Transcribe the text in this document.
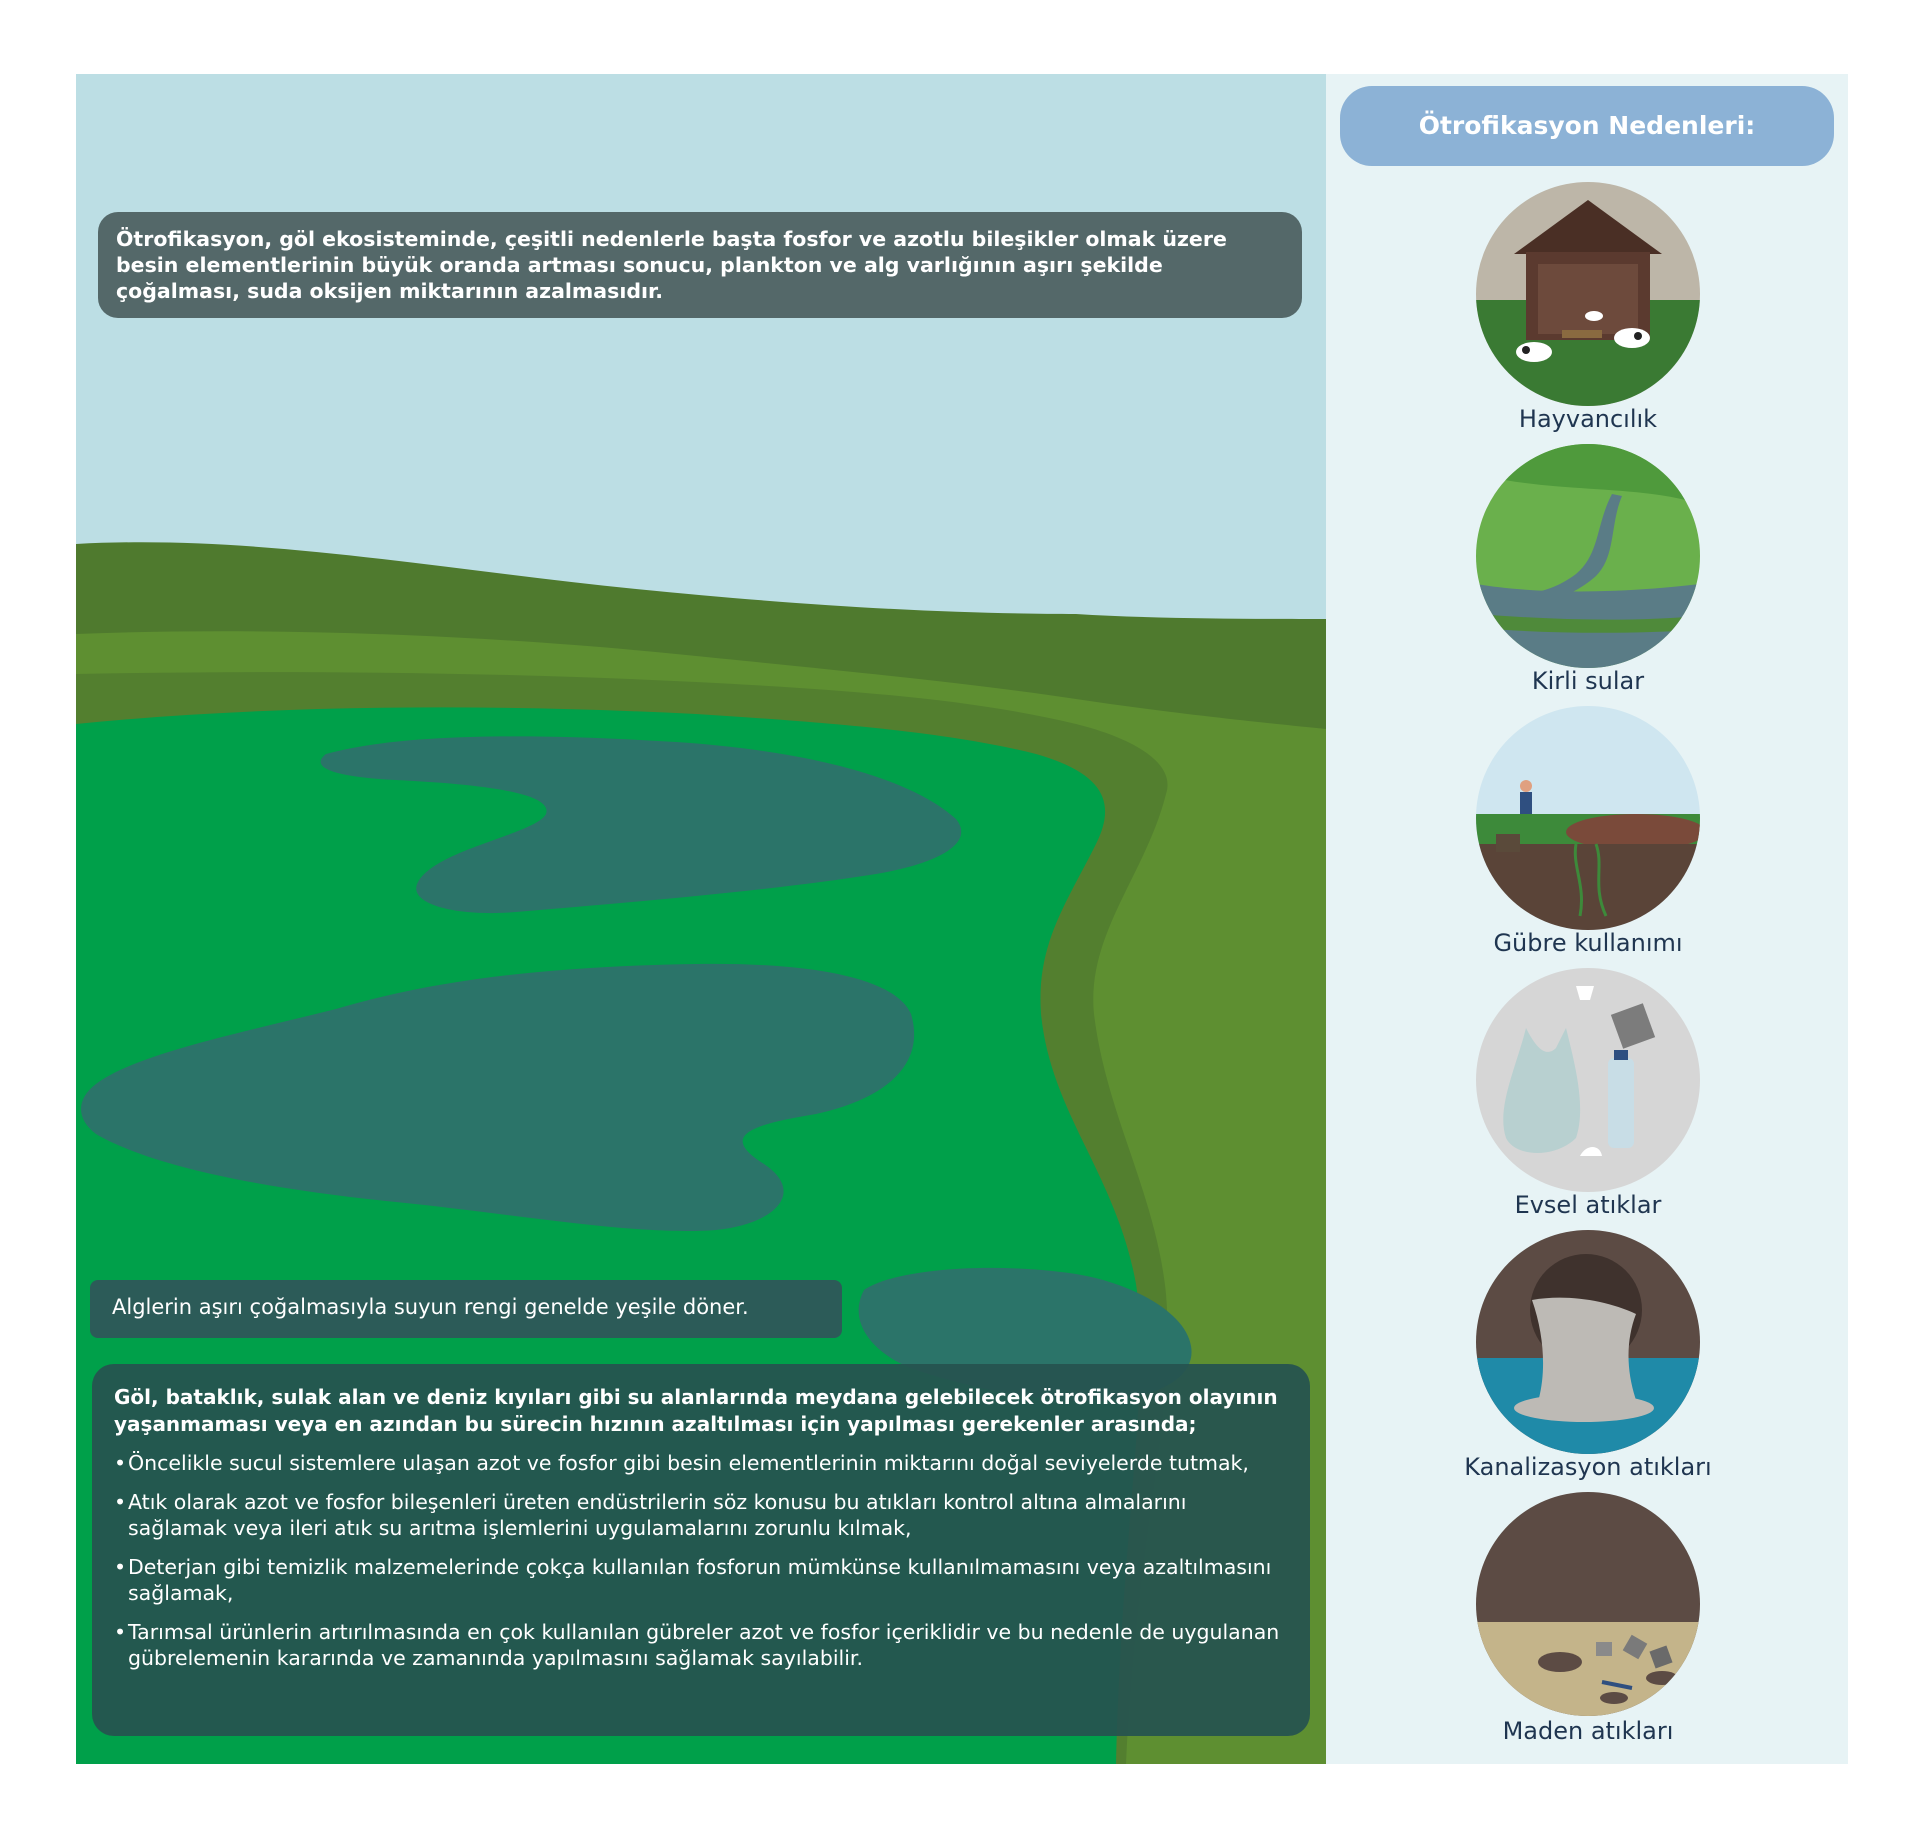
Ötrofikasyon, göl ekosisteminde, çeşitli nedenlerle başta fosfor ve azotlu bileşikler olmak üzere besin elementlerinin büyük oranda artması sonucu, plankton ve alg varlığının aşırı şekilde çoğalması, suda oksijen miktarının azalmasıdır.
Alglerin aşırı çoğalmasıyla suyun rengi genelde yeşile döner.

Göl, bataklık, sulak alan ve deniz kıyıları gibi su alanlarında meydana gelebilecek ötrofikasyon olayının yaşanmaması veya en azından bu sürecin hızının azaltılması için yapılması gerekenler arasında;

• Öncelikle sucul sistemlere ulaşan azot ve fosfor gibi besin elementlerinin miktarını doğal seviyelerde tutmak,
• Atık olarak azot ve fosfor bileşenleri üreten endüstrilerin söz konusu bu atıkları kontrol altına almalarını sağlamak veya ileri atık su arıtma işlemlerini uygulamalarını zorunlu kılmak,
• Deterjan gibi temizlik malzemelerinde çokça kullanılan fosforun mümkünse kullanılmamasını veya azaltılmasını sağlamak,
• Tarımsal ürünlerin artırılmasında en çok kullanılan gübreler azot ve fosfor içeriklidir ve bu nedenle de uygulanan gübrelemenin kararında ve zamanında yapılmasını sağlamak sayılabilir.
Ötrofikasyon Nedenleri:
Hayvancılık
Kirli sular
Gübre kullanımı
Evsel atıklar
Kanalizasyon atıkları
Maden atıkları
